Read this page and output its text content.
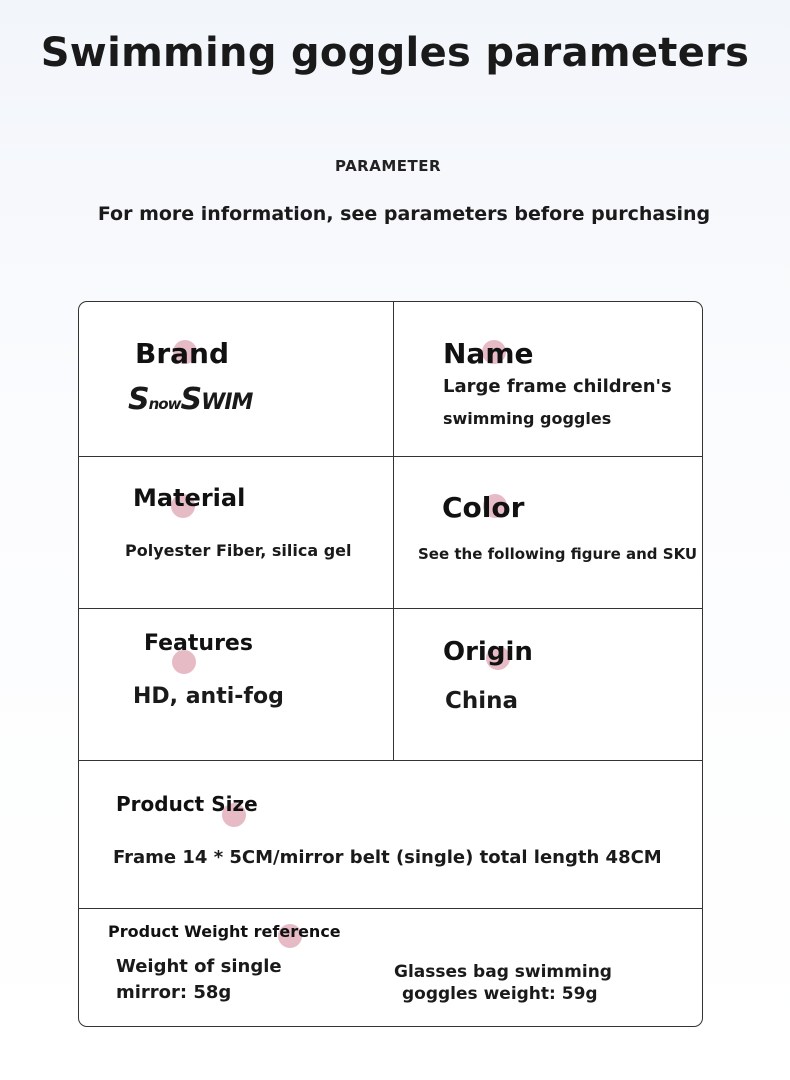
Swimming goggles parameters
PARAMETER
For more information, see parameters before purchasing
Brand
SnowSWIM
Name
Large frame children's
swimming goggles
Material
Polyester Fiber, silica gel
Color
See the following figure and SKU
Features
HD, anti-fog
Origin
China
Product Size
Frame 14 * 5CM/mirror belt (single) total length 48CM
Product Weight reference
Weight of single
mirror: 58g
Glasses bag swimming
goggles weight: 59g
